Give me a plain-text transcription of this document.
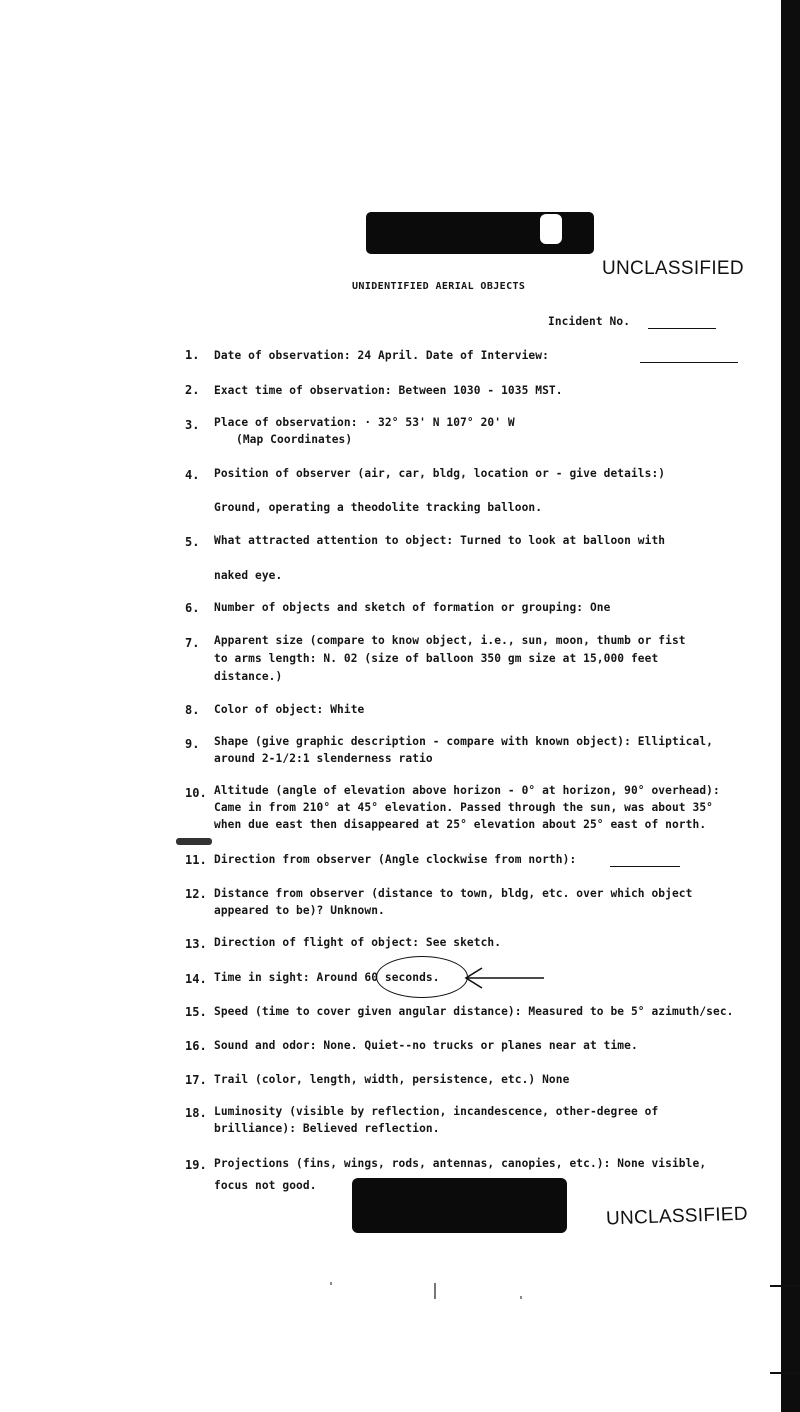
UNCLASSIFIED
UNCLASSIFIED
UNIDENTIFIED AERIAL OBJECTS
Incident No.
1. Date of observation: 24 April. Date of Interview:
2. Exact time of observation: Between 1030 - 1035 MST.
3. Place of observation: · 32° 53' N 107° 20' W
(Map Coordinates)
4. Position of observer (air, car, bldg, location or - give details:)
Ground, operating a theodolite tracking balloon.
5. What attracted attention to object: Turned to look at balloon with
naked eye.
6. Number of objects and sketch of formation or grouping: One
7. Apparent size (compare to know object, i.e., sun, moon, thumb or fist
to arms length: N. 02 (size of balloon 350 gm size at 15,000 feet
distance.)
8. Color of object: White
9. Shape (give graphic description - compare with known object): Elliptical,
around 2-1/2:1 slenderness ratio
10. Altitude (angle of elevation above horizon - 0° at horizon, 90° overhead):
Came in from 210° at 45° elevation. Passed through the sun, was about 35°
when due east then disappeared at 25° elevation about 25° east of north.
11. Direction from observer (Angle clockwise from north):
12. Distance from observer (distance to town, bldg, etc. over which object
appeared to be)? Unknown.
13. Direction of flight of object: See sketch.
14. Time in sight: Around 60 seconds.
15. Speed (time to cover given angular distance): Measured to be 5° azimuth/sec.
16. Sound and odor: None. Quiet--no trucks or planes near at time.
17. Trail (color, length, width, persistence, etc.) None
18. Luminosity (visible by reflection, incandescence, other-degree of
brilliance): Believed reflection.
19. Projections (fins, wings, rods, antennas, canopies, etc.): None visible,
focus not good.
